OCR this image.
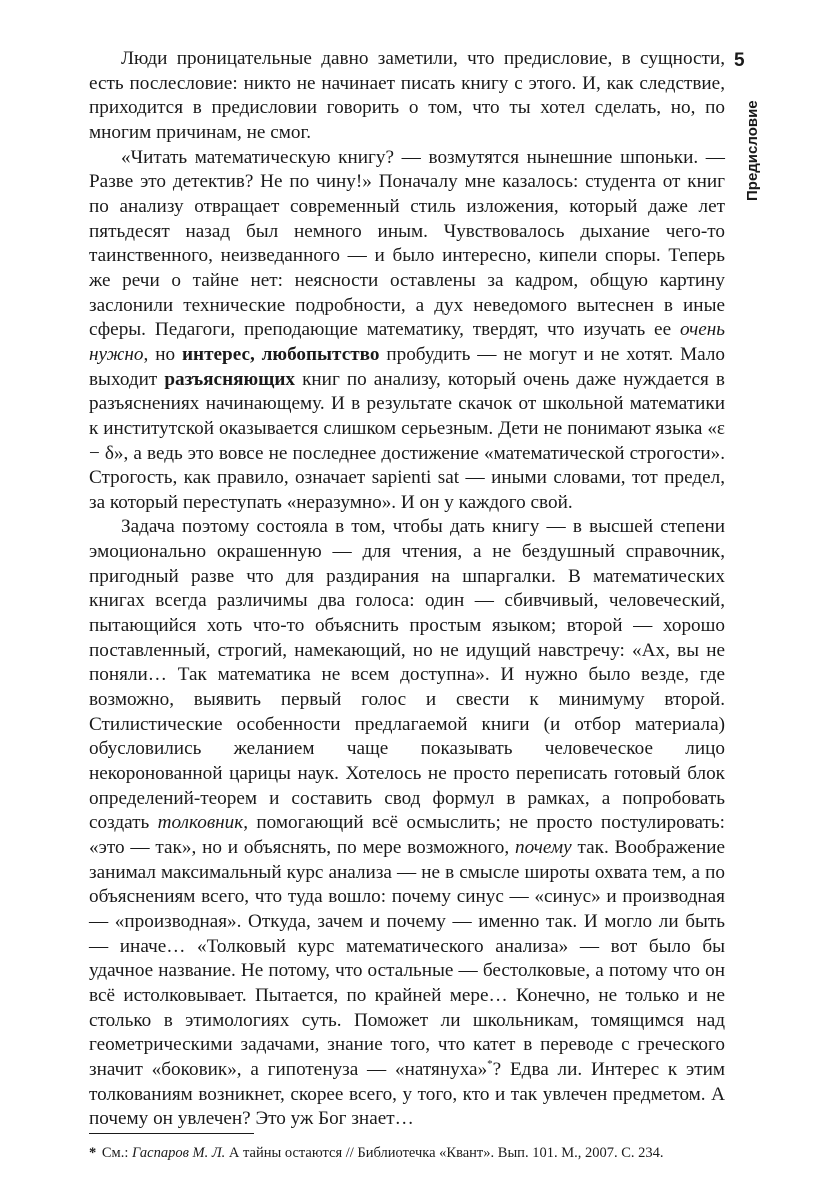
5
Предисловие

Люди проницательные давно заметили, что предисловие, в сущности, есть послесловие: никто не начинает писать книгу с этого. И, как следствие, приходится в предисловии говорить о том, что ты хотел сделать, но, по многим причинам, не смог.

«Читать математическую книгу? — возмутятся нынешние шпоньки. — Разве это детектив? Не по чину!» Поначалу мне казалось: студента от книг по анализу отвращает современный стиль изложения, который даже лет пятьдесят назад был немного иным. Чувствовалось дыхание чего-то таинственного, неизведанного — и было интересно, кипели споры. Теперь же речи о тайне нет: неясности оставлены за кадром, общую картину заслонили технические подробности, а дух неведомого вытеснен в иные сферы. Педагоги, преподающие математику, твердят, что изучать ее очень нужно, но интерес, любопытство пробудить — не могут и не хотят. Мало выходит разъясняющих книг по анализу, который очень даже нуждается в разъяснениях начинающему. И в результате скачок от школьной математики к институтской оказывается слишком серьезным. Дети не понимают языка «ε − δ», а ведь это вовсе не последнее достижение «математической строгости». Строгость, как правило, означает sapienti sat — иными словами, тот предел, за который переступать «неразумно». И он у каждого свой.

Задача поэтому состояла в том, чтобы дать книгу — в высшей степени эмоционально окрашенную — для чтения, а не бездушный справочник, пригодный разве что для раздирания на шпаргалки. В математических книгах всегда различимы два голоса: один — сбивчивый, человеческий, пытающийся хоть что-то объяснить простым языком; второй — хорошо поставленный, строгий, намекающий, но не идущий навстречу: «Ах, вы не поняли… Так математика не всем доступна». И нужно было везде, где возможно, выявить первый голос и свести к минимуму второй. Стилистические особенности предлагаемой книги (и отбор материала) обусловились желанием чаще показывать человеческое лицо некоронованной царицы наук. Хотелось не просто переписать готовый блок определений-теорем и составить свод формул в рамках, а попробовать создать толковник, помогающий всё осмыслить; не просто постулировать: «это — так», но и объяснять, по мере возможного, почему так. Воображение занимал максимальный курс анализа — не в смысле широты охвата тем, а по объяснениям всего, что туда вошло: почему синус — «синус» и производная — «производная». Откуда, зачем и почему — именно так. И могло ли быть — иначе… «Толковый курс математического анализа» — вот было бы удачное название. Не потому, что остальные — бестолковые, а потому что он всё истолковывает. Пытается, по крайней мере… Конечно, не только и не столько в этимологиях суть. Поможет ли школьникам, томящимся над геометрическими задачами, знание того, что катет в переводе с греческого значит «боковик», а гипотенуза — «натянуха»*? Едва ли. Интерес к этим толкованиям возникнет, скорее всего, у того, кто и так увлечен предметом. А почему он увлечен? Это уж Бог знает…

* См.: Гаспаров М. Л. А тайны остаются // Библиотечка «Квант». Вып. 101. М., 2007. С. 234.
